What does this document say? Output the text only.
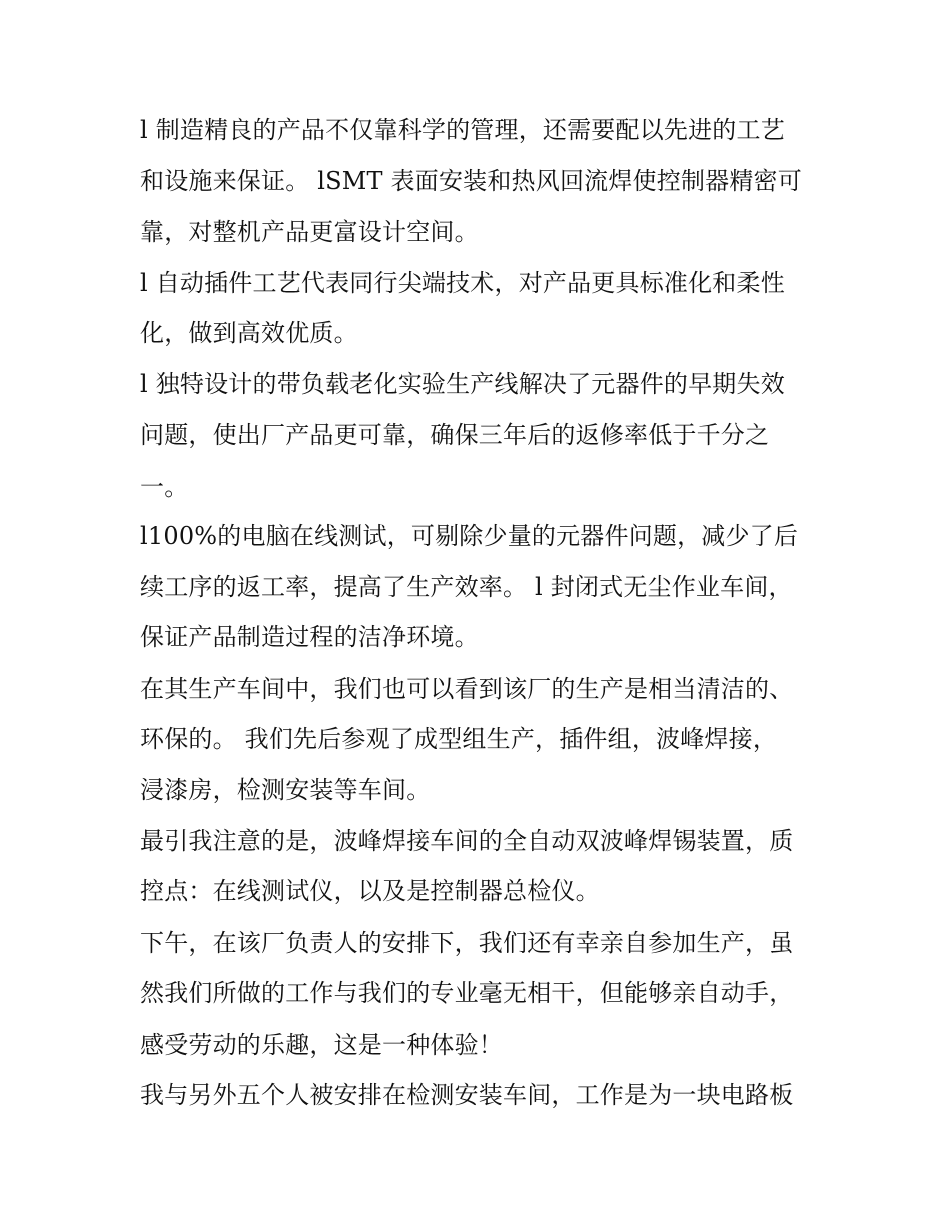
l 制造精良的产品不仅靠科学的管理，还需要配以先进的工艺
和设施来保证。 lSMT 表面安装和热风回流焊使控制器精密可
靠，对整机产品更富设计空间。
l 自动插件工艺代表同行尖端技术，对产品更具标准化和柔性
化，做到高效优质。
l 独特设计的带负载老化实验生产线解决了元器件的早期失效
问题，使出厂产品更可靠，确保三年后的返修率低于千分之
一。
l100%的电脑在线测试，可剔除少量的元器件问题，减少了后
续工序的返工率，提高了生产效率。 l 封闭式无尘作业车间，
保证产品制造过程的洁净环境。
在其生产车间中，我们也可以看到该厂的生产是相当清洁的、
环保的。 我们先后参观了成型组生产，插件组，波峰焊接，
浸漆房，检测安装等车间。
最引我注意的是，波峰焊接车间的全自动双波峰焊锡装置，质
控点：在线测试仪，以及是控制器总检仪。
下午，在该厂负责人的安排下，我们还有幸亲自参加生产，虽
然我们所做的工作与我们的专业毫无相干，但能够亲自动手，
感受劳动的乐趣，这是一种体验！
我与另外五个人被安排在检测安装车间，工作是为一块电路板
